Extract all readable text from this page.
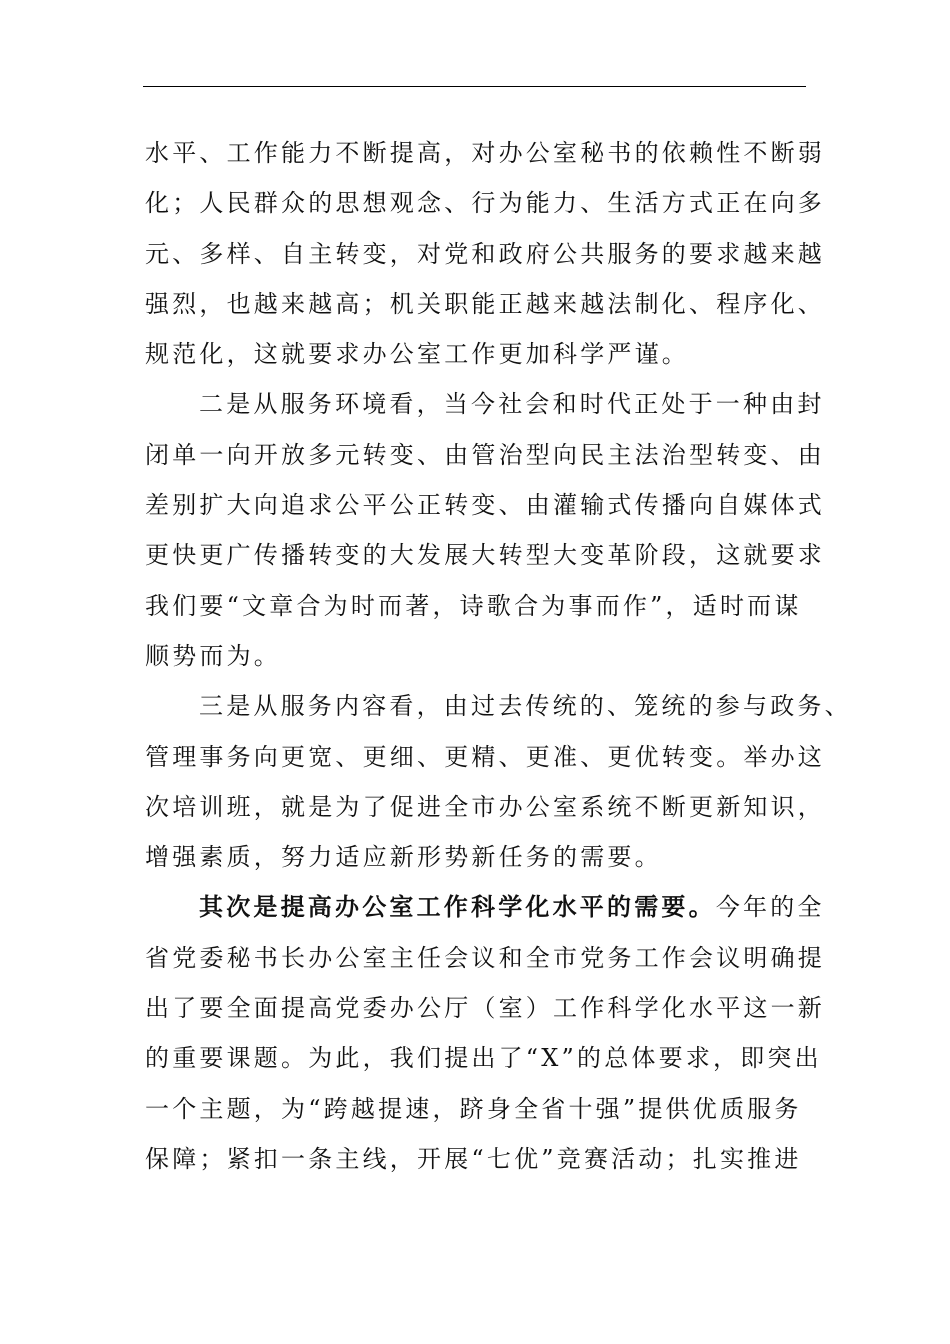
水平、工作能力不断提高，对办公室秘书的依赖性不断弱
化；人民群众的思想观念、行为能力、生活方式正在向多
元、多样、自主转变，对党和政府公共服务的要求越来越
强烈，也越来越高；机关职能正越来越法制化、程序化、
规范化，这就要求办公室工作更加科学严谨。

二是从服务环境看，当今社会和时代正处于一种由封
闭单一向开放多元转变、由管治型向民主法治型转变、由
差别扩大向追求公平公正转变、由灌输式传播向自媒体式
更快更广传播转变的大发展大转型大变革阶段，这就要求
我们要“文章合为时而著，诗歌合为事而作”，适时而谋
顺势而为。

三是从服务内容看，由过去传统的、笼统的参与政务、
管理事务向更宽、更细、更精、更准、更优转变。举办这
次培训班，就是为了促进全市办公室系统不断更新知识，
增强素质，努力适应新形势新任务的需要。

其次是提高办公室工作科学化水平的需要。今年的全
省党委秘书长办公室主任会议和全市党务工作会议明确提
出了要全面提高党委办公厅（室）工作科学化水平这一新
的重要课题。为此，我们提出了“X”的总体要求，即突出
一个主题，为“跨越提速，跻身全省十强”提供优质服务
保障；紧扣一条主线，开展“七优”竞赛活动；扎实推进
